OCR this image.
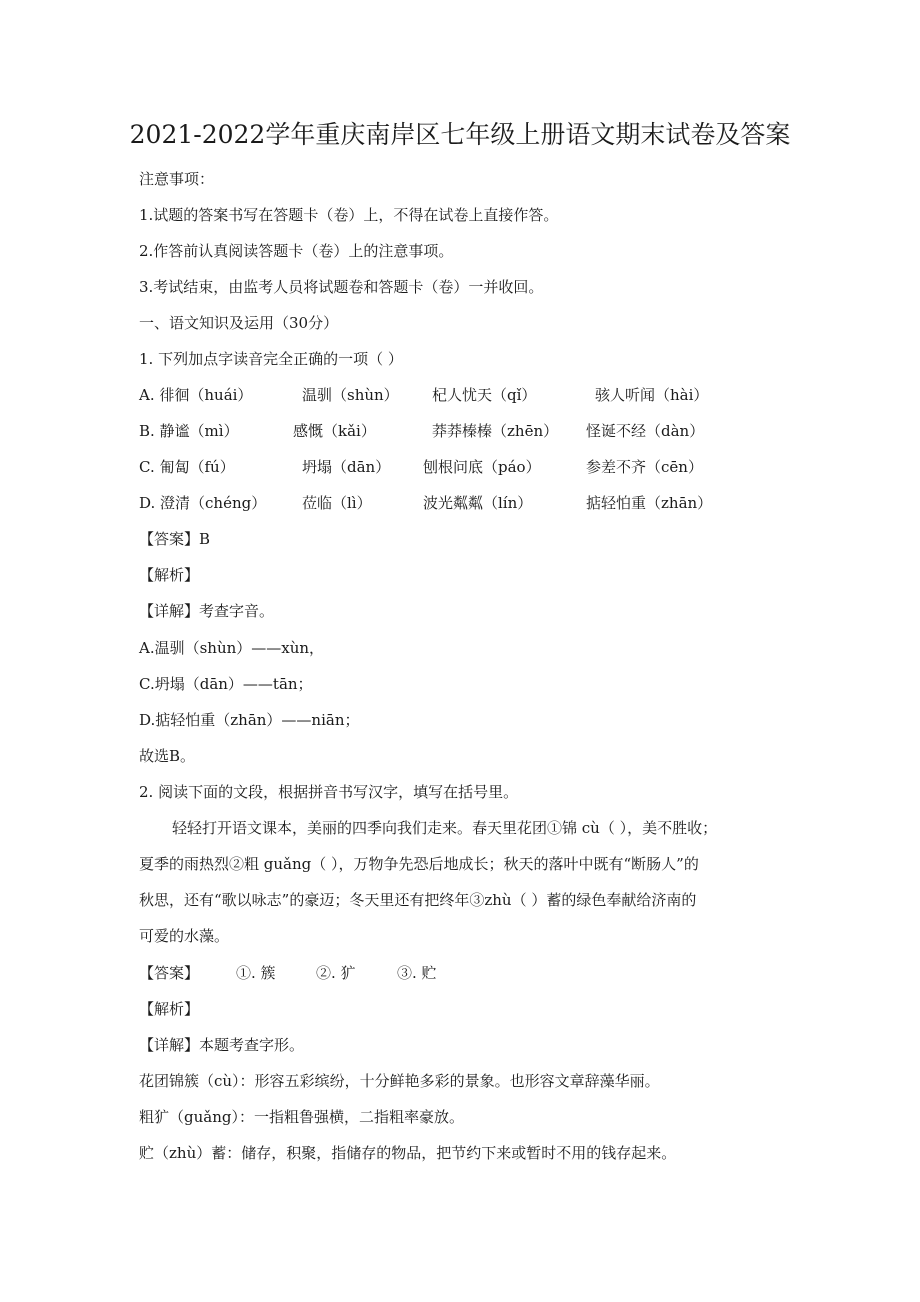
2021-2022学年重庆南岸区七年级上册语文期末试卷及答案
注意事项：
1.试题的答案书写在答题卡（卷）上，不得在试卷上直接作答。
2.作答前认真阅读答题卡（卷）上的注意事项。
3.考试结束，由监考人员将试题卷和答题卡（卷）一并收回。
一、语文知识及运用（30分）
1. 下列加点字读音完全正确的一项（ ）
A. 徘徊（huái）	温驯（shùn） 杞人忧天（qǐ）	骇人听闻（hài）
B. 静谧（mì）	感慨（kǎi）	莽莽榛榛（zhēn） 怪诞不经（dàn）
C. 匍匐（fú）	坍塌（dān） 刨根问底（páo）	参差不齐（cēn）
D. 澄清（chéng） 莅临（lì）	波光粼粼（lín）	掂轻怕重（zhān）
【答案】B
【解析】
【详解】考查字音。
A.温驯（shùn）——xùn，
C.坍塌（dān）——tān；
D.掂轻怕重（zhān）——niān；
故选B。
2. 阅读下面的文段，根据拼音书写汉字，填写在括号里。
轻轻打开语文课本，美丽的四季向我们走来。春天里花团①锦 cù（ ），美不胜收；
夏季的雨热烈②粗 guǎng（ ），万物争先恐后地成长；秋天的落叶中既有“断肠人”的
秋思，还有“歌以咏志”的豪迈；冬天里还有把终年③zhù（ ）蓄的绿色奉献给济南的
可爱的水藻。
【答案】 ①. 簇	②. 犷	③. 贮
【解析】
【详解】本题考查字形。
花团锦簇（cù）：形容五彩缤纷，十分鲜艳多彩的景象。也形容文章辞藻华丽。
粗犷（guǎng）：一指粗鲁强横，二指粗率豪放。
贮（zhù）蓄：储存，积聚，指储存的物品，把节约下来或暂时不用的钱存起来。
